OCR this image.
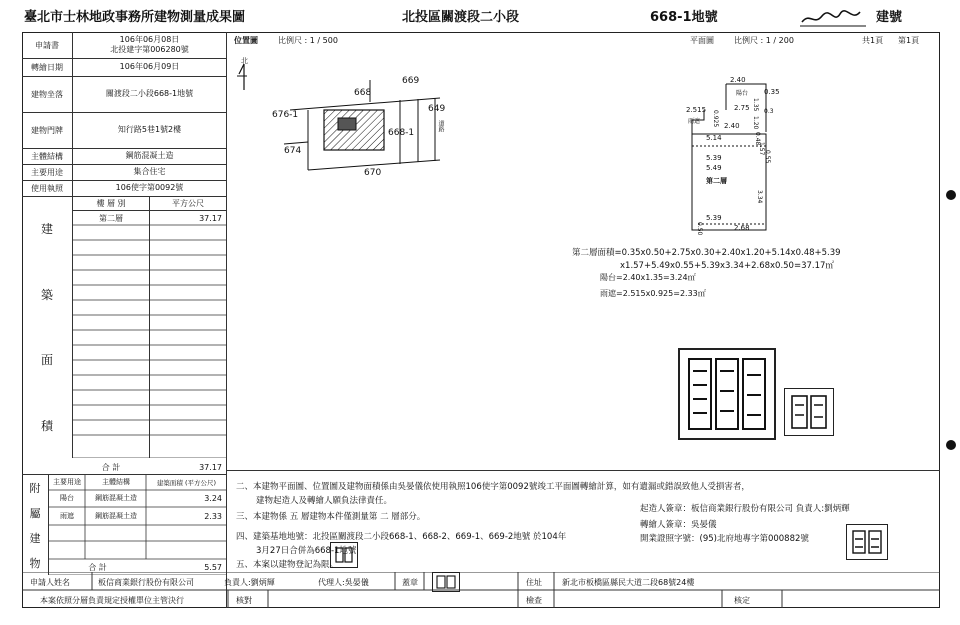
臺北市士林地政事務所建物測量成果圖	北投區關渡段二小段	668-1地號	建號
申請書
106年06月08日
北投建字第006280號
轉繪日期	106年06月09日
建物坐落	關渡段二小段668-1地號
建物門牌	知行路5巷1號2樓
主體結構	鋼筋混凝土造
主要用途	集合住宅
使用執照	106使字第0092號
建
築
面
積
樓 層 別	平方公尺
第二層	37.17
合 計	37.17
附
屬
建
物
主要用途	主體結構	建築面積 (平方公尺)
陽台	鋼筋混凝土造	3.24
雨遮	鋼筋混凝土造	2.33
合 計	5.57
位置圖	比例尺 : 1 / 500
北
669
668
649
676-1
668-1
674
670
道路
平面圖	比例尺 : 1 / 200	共1頁 第1頁
2.40
0.35
1.35
陽台
2.515	2.75
0.925
雨遮
0.3
2.40 1.20
5.14	0.48
1.57
5.39	0.55
5.49
第二層
3.34
5.39
0.50	2.68
第二層面積=0.35x0.50+2.75x0.30+2.40x1.20+5.14x0.48+5.39
x1.57+5.49x0.55+5.39x3.34+2.68x0.50=37.17㎡
陽台=2.40x1.35=3.24㎡
雨遮=2.515x0.925=2.33㎡
二、本建物平面圖、位置圖及建物面積係由吳晏儀依使用執照106使字第0092號竣工平面圖轉繪計算，如有遺漏或錯誤致他人受損害者，
建物起造人及轉繪人願負法律責任。
三、本建物係 五 層建物本件僅測量第 二 層部分。
四、建築基地地號：北投區關渡段二小段668-1、668-2、669-1、669-2地號 於104年
3月27日合併為668-1地號
五、本案以建物登記為限。
起造人簽章：板信商業銀行股份有限公司 負責人:劉炳輝
轉繪人簽章：吳晏儀
開業證照字號：(95)北府地專字第000882號
申請人姓名	板信商業銀行股份有限公司	負責人:劉炳輝	代理人:吳晏儀	蓋章	住址	新北市板橋區縣民大道二段68號24樓
本案依照分層負責規定授權單位主管決行	核對	檢查	核定
